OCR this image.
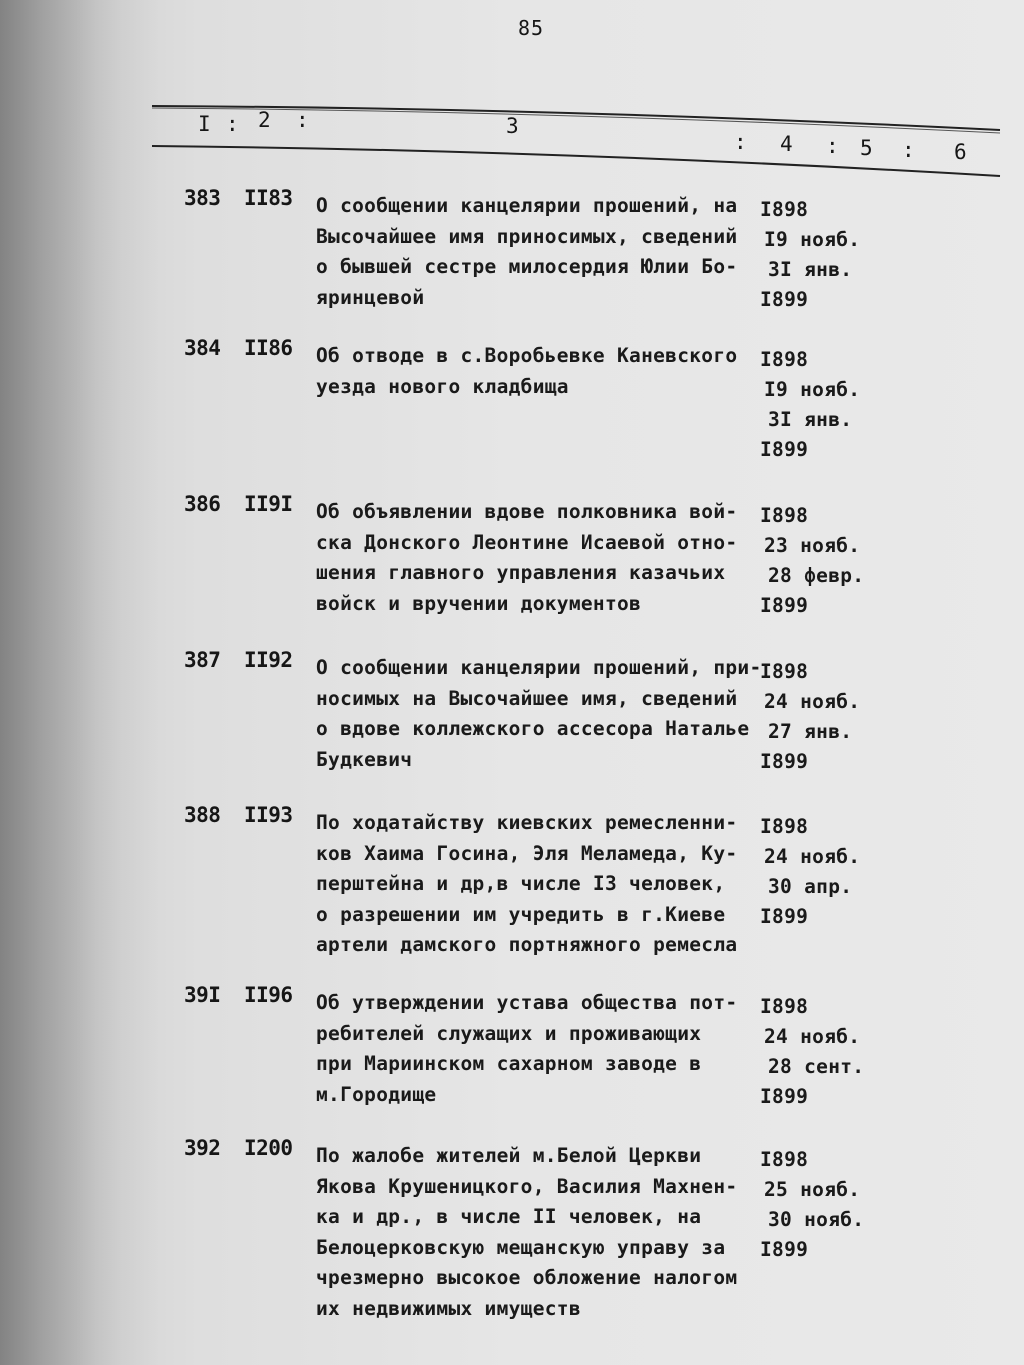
85
I : 2 :	3
: 4 : 5 : 6
383 II83 О сообщении канцелярии прошений, на
Высочайшее имя приносимых, сведений
о бывшей сестре милосердия Юлии Бо-
яринцевой
I898
I9 нояб.
3I янв.
I899
384 II86 Об отводе в с.Воробьевке Каневского
уезда нового кладбища
I898
I9 нояб.
3I янв.
I899
386 II9I Об объявлении вдове полковника вой-
ска Донского Леонтине Исаевой отно-
шения главного управления казачьих
войск и вручении документов
I898
23 нояб.
28 февр.
I899
387 II92 О сообщении канцелярии прошений, при-
носимых на Высочайшее имя, сведений
о вдове коллежского ассесора Наталье
Будкевич
I898
24 нояб.
27 янв.
I899
388 II93 По ходатайству киевских ремесленни-
ков Хаима Госина, Эля Меламеда, Ку-
перштейна и др,в числе I3 человек,
о разрешении им учредить в г.Киеве
артели дамского портняжного ремесла
I898
24 нояб.
30 апр.
I899
39I II96 Об утверждении устава общества пот-
ребителей служащих и проживающих
при Мариинском сахарном заводе в
м.Городище
I898
24 нояб.
28 сент.
I899
392 I200 По жалобе жителей м.Белой Церкви
Якова Крушеницкого, Василия Махнен-
ка и др., в числе II человек, на
Белоцерковскую мещанскую управу за
чрезмерно высокое обложение налогом
их недвижимых имуществ
I898
25 нояб.
30 нояб.
I899
